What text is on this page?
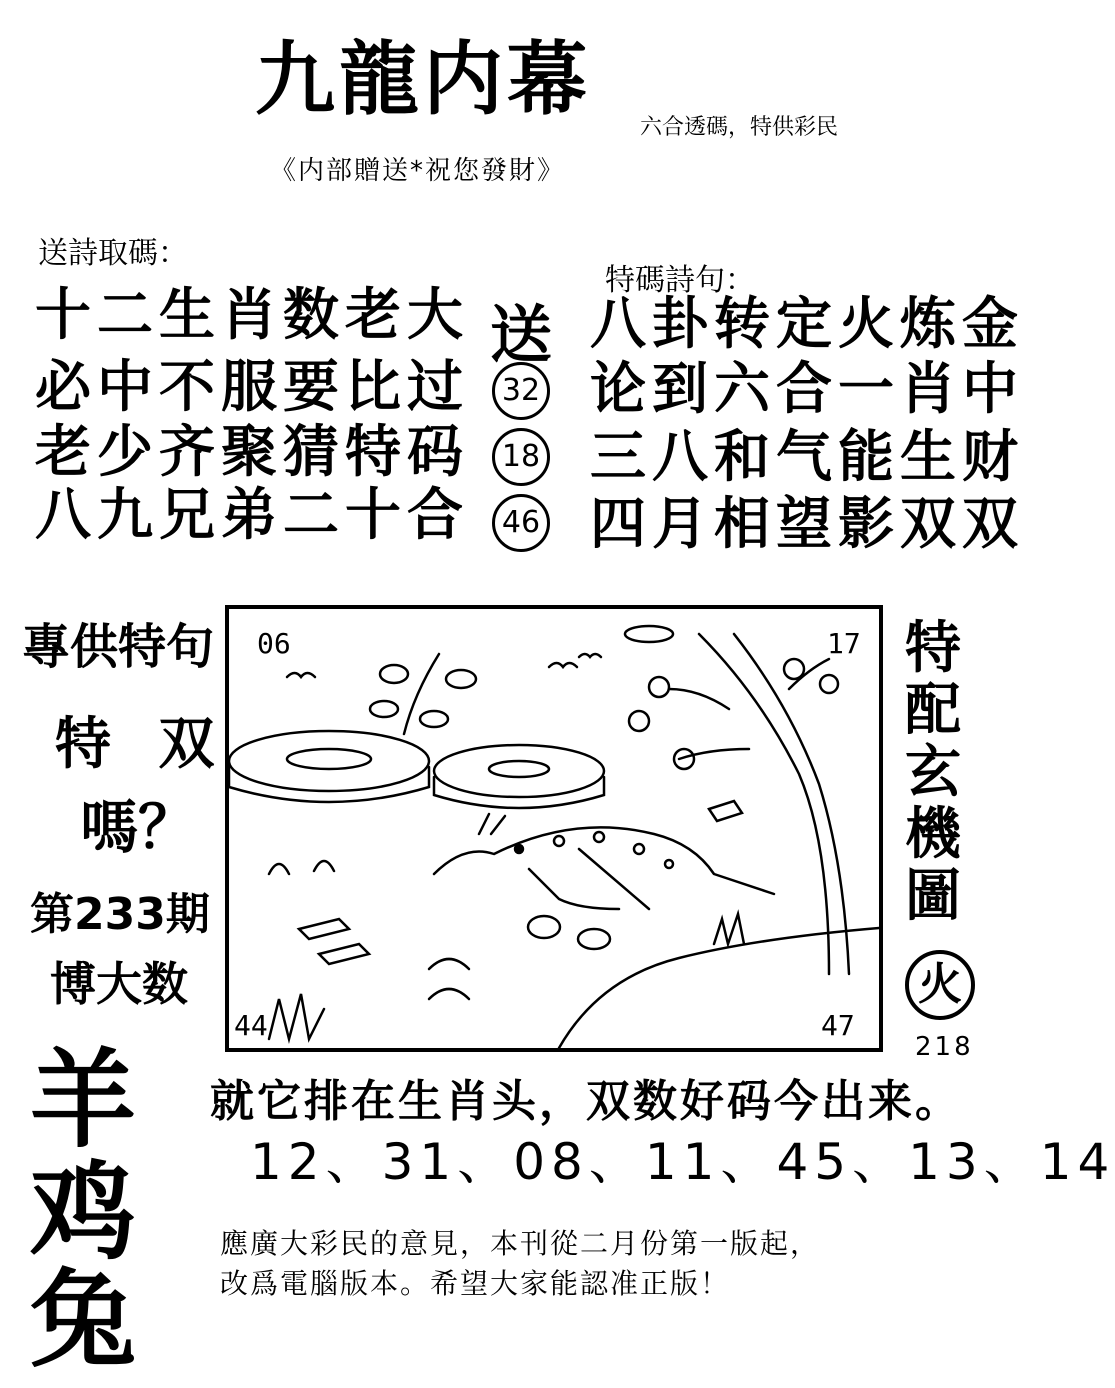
九龍内幕
六合透碼，特供彩民
《内部贈送*祝您發財》
送詩取碼：
十二生肖数老大
必中不服要比过
老少齐聚猜特码
八九兄弟二十合
送
32
18
46
特碼詩句：
八卦转定火炼金
论到六合一肖中
三八和气能生财
四月相望影双双
專供特句
特 双
嗎？
第233期
博大数
羊
鸡
兔
特
配
玄
機
圖
火
218
06	17
44	47
就它排在生肖头，双数好码今出来。
12、31、08、11、45、13、14
應廣大彩民的意見，本刊從二月份第一版起，
改爲電腦版本。希望大家能認准正版！
